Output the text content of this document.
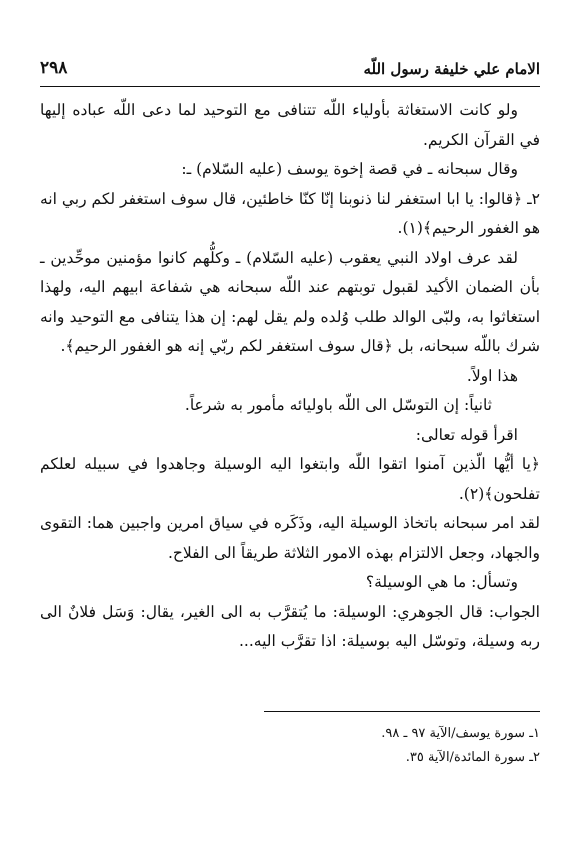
الامام علي خليفة رسول اللّه
٢٩٨

ولو كانت الاستغاثة بأولياء اللّه تتنافى مع التوحيد لما دعى اللّه عباده إليها في القرآن الكريم.

وقال سبحانه ـ في قصة إخوة يوسف (عليه السّلام) ـ:

٢ـ ﴿قالوا: يا ابا استغفر لنا ذنوبنا إنّا كنّا خاطئين، قال سوف استغفر لكم ربي انه هو الغفور الرحيم﴾(١).

لقد عرف اولاد النبي يعقوب (عليه السّلام) ـ وكلُّهم كانوا مؤمنين موحِّدين ـ بأن الضمان الأكيد لقبول توبتهم عند اللّه سبحانه هي شفاعة ابيهم اليه، ولهذا استغاثوا به، ولبّى الوالد طلب وُلده ولم يقل لهم: إن هذا يتنافى مع التوحيد وانه شرك باللّه سبحانه، بل ﴿قال سوف استغفر لكم ربّي إنه هو الغفور الرحيم﴾.

هذا اولاً.

ثانياً: إن التوسّل الى اللّه باوليائه مأمور به شرعاً.

اقرأ قوله تعالى:

﴿يا أيُّها الّذين آمنوا اتقوا اللّه وابتغوا اليه الوسيلة وجاهدوا في سبيله لعلكم تفلحون﴾(٢).

لقد امر سبحانه باتخاذ الوسيلة اليه، وذَكَره في سياق امرين واجبين هما: التقوى والجهاد، وجعل الالتزام بهذه الامور الثلاثة طريقاً الى الفلاح.

وتسأل: ما هي الوسيلة؟

الجواب: قال الجوهري: الوسيلة: ما يُتقرَّب به الى الغير، يقال: وَسَل فلانٌ الى ربه وسيلة، وتوسّل اليه بوسيلة: اذا تقرَّب اليه...

١ـ سورة يوسف/الآية ٩٧ ـ ٩٨.

٢ـ سورة المائدة/الآية ٣٥.
